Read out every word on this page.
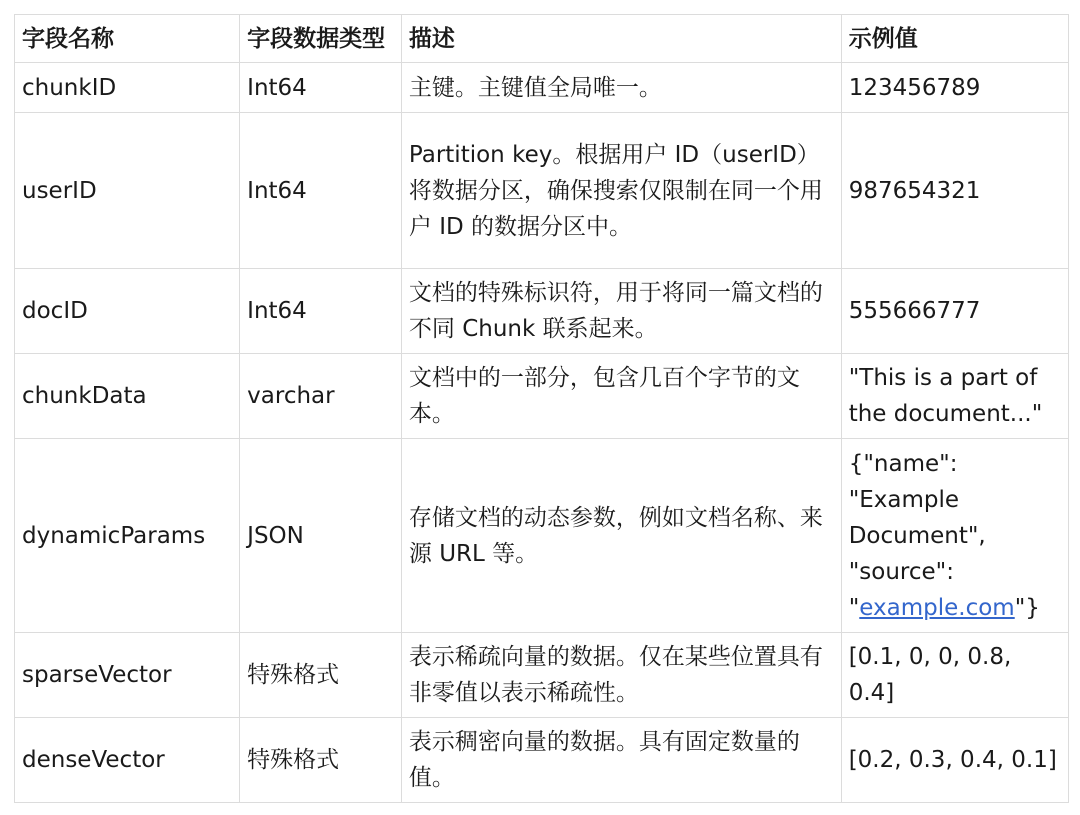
字段名称	字段数据类型	描述	示例值
chunkID	Int64	主键。主键值全局唯一。	123456789
userID	Int64	Partition key。根据用户 ID（userID）将数据分区，确保搜索仅限制在同一个用户 ID 的数据分区中。	987654321
docID	Int64	文档的特殊标识符，用于将同一篇文档的不同 Chunk 联系起来。	555666777
chunkData	varchar	文档中的一部分，包含几百个字节的文本。	"This is a part of the document..."
dynamicParams	JSON	存储文档的动态参数，例如文档名称、来源 URL 等。	{"name": "Example Document", "source": "example.com"}
sparseVector	特殊格式	表示稀疏向量的数据。仅在某些位置具有非零值以表示稀疏性。	[0.1, 0, 0, 0.8, 0.4]
denseVector	特殊格式	表示稠密向量的数据。具有固定数量的值。	[0.2, 0.3, 0.4, 0.1]
